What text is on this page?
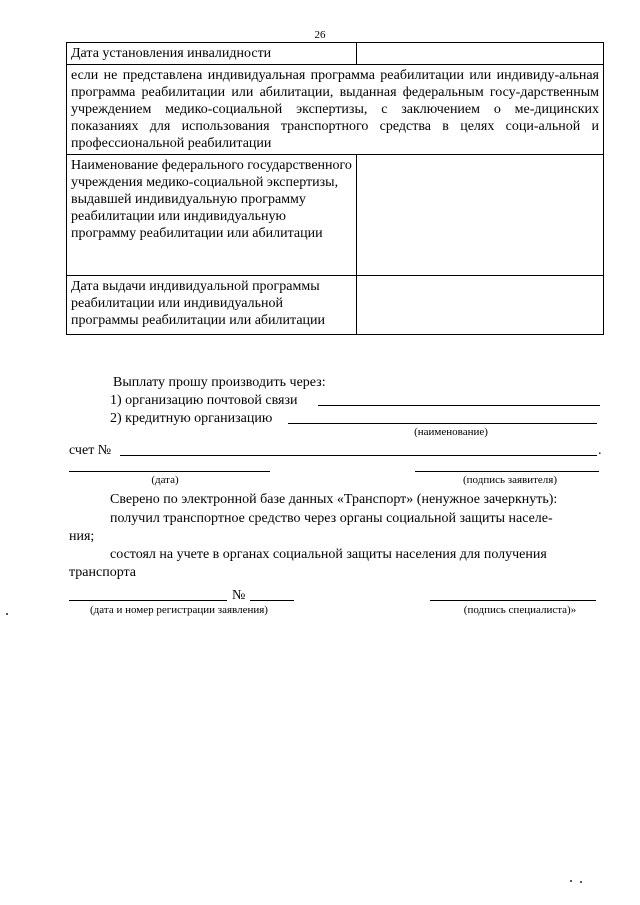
26
Дата установления инвалидности	
если не представлена индивидуальная программа реабилитации или индивиду-альная программа реабилитации или абилитации, выданная федеральным госу-дарственным учреждением медико-социальной экспертизы, с заключением о ме-дицинских показаниях для использования транспортного средства в целях соци-альной и профессиональной реабилитации	
Наименование федерального государственного учреждения медико-социальной экспертизы, выдавшей индивидуальную программу реабилитации или индивидуальную программу реабилитации или абилитации	
Дата выдачи индивидуальной программы реабилитации или индивидуальной программы реабилитации или абилитации	
Выплату прошу производить через:
1) организацию почтовой связи
2) кредитную организацию
(наименование)
счет №	.
(дата)	(подпись заявителя)
Сверено по электронной базе данных «Транспорт» (ненужное зачеркнуть):
получил транспортное средство через органы социальной защиты населе-
ния;
состоял на учете в органах социальной защиты населения для получения
транспорта
№
(дата и номер регистрации заявления)	(подпись специалиста)»
